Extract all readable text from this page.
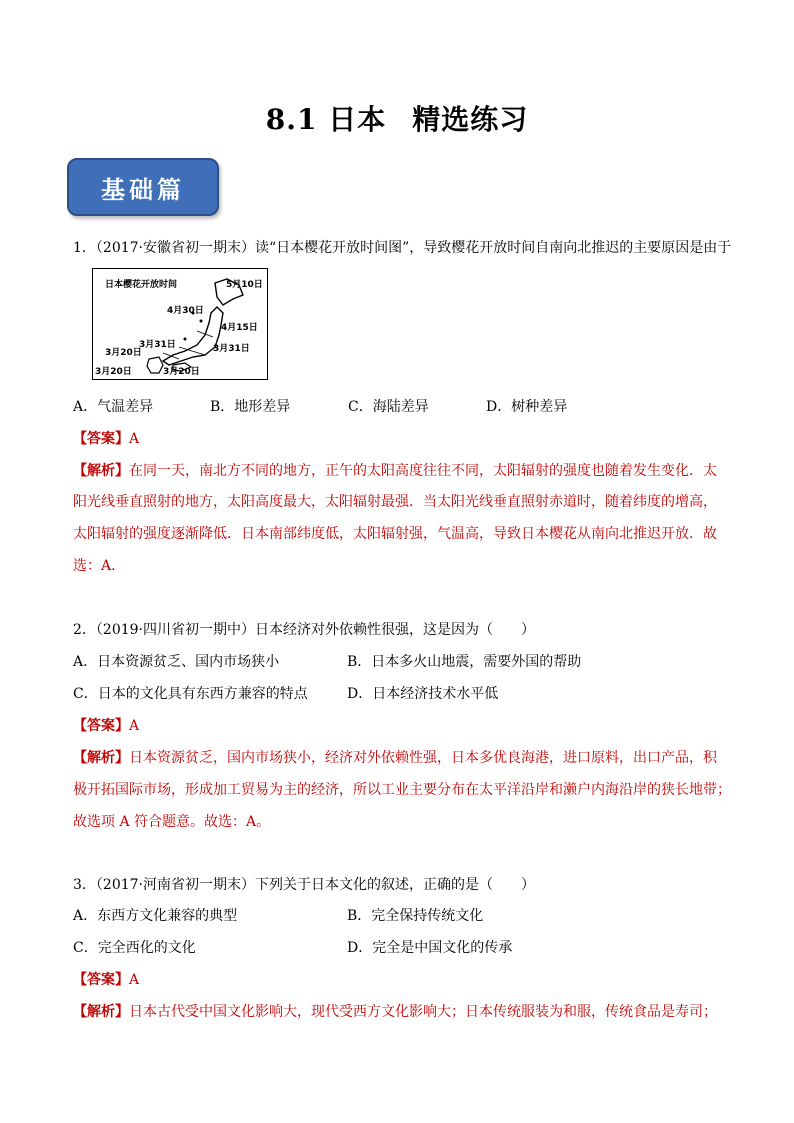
8.1 日本 精选练习
基础篇
1．（2017·安徽省初一期末）读“日本樱花开放时间图”，导致樱花开放时间自南向北推迟的主要原因是由于
日本樱花开放时间	5月10日
4月30日
4月15日
3月31日
3月31日
3月20日
3月20日	3月20日
A．气温差异	B．地形差异	C．海陆差异	D．树种差异
【答案】A
【解析】在同一天，南北方不同的地方，正午的太阳高度往往不同，太阳辐射的强度也随着发生变化．太
阳光线垂直照射的地方，太阳高度最大，太阳辐射最强．当太阳光线垂直照射赤道时，随着纬度的增高，
太阳辐射的强度逐渐降低．日本南部纬度低，太阳辐射强，气温高，导致日本樱花从南向北推迟开放．故
选：A．
2．（2019·四川省初一期中）日本经济对外依赖性很强，这是因为（　　）
A．日本资源贫乏、国内市场狭小	B．日本多火山地震，需要外国的帮助
C．日本的文化具有东西方兼容的特点	D．日本经济技术水平低
【答案】A
【解析】日本资源贫乏，国内市场狭小，经济对外依赖性强，日本多优良海港，进口原料，出口产品，积
极开拓国际市场，形成加工贸易为主的经济，所以工业主要分布在太平洋沿岸和濑户内海沿岸的狭长地带；
故选项 A 符合题意。故选：A。
3．（2017·河南省初一期末）下列关于日本文化的叙述，正确的是（　　）
A．东西方文化兼容的典型	B．完全保持传统文化
C．完全西化的文化	D．完全是中国文化的传承
【答案】A
【解析】日本古代受中国文化影响大，现代受西方文化影响大；日本传统服装为和服，传统食品是寿司；
